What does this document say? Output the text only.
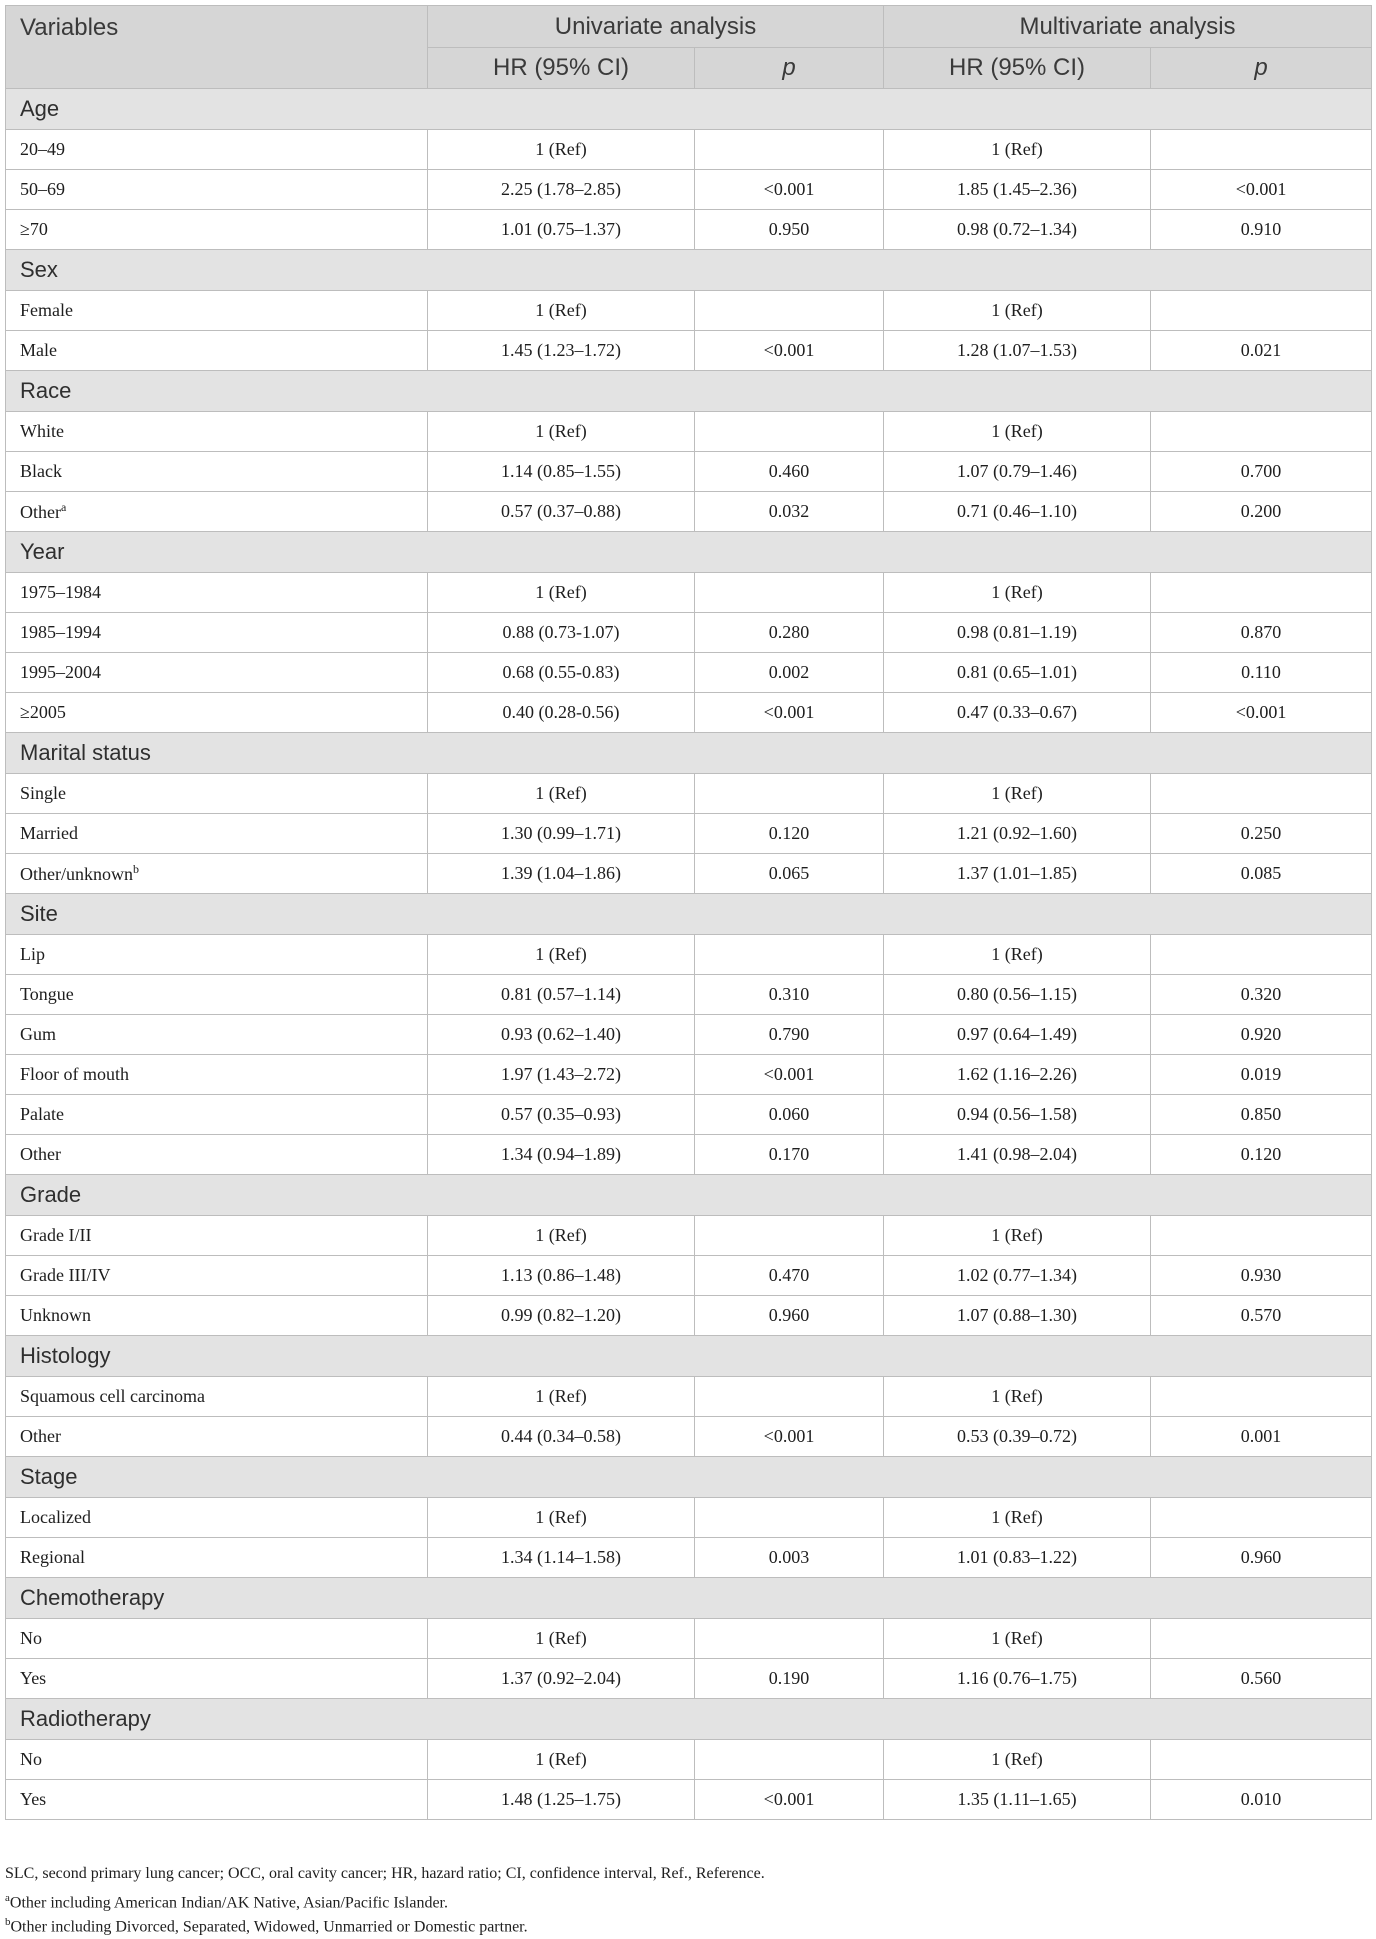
Variables	Univariate analysis		Multivariate analysis	
	HR (95% CI)	p	HR (95% CI)	p
Age				
20–49	1 (Ref)		1 (Ref)	
50–69	2.25 (1.78–2.85)	<0.001	1.85 (1.45–2.36)	<0.001
≥70	1.01 (0.75–1.37)	0.950	0.98 (0.72–1.34)	0.910
Sex				
Female	1 (Ref)		1 (Ref)	
Male	1.45 (1.23–1.72)	<0.001	1.28 (1.07–1.53)	0.021
Race				
White	1 (Ref)		1 (Ref)	
Black	1.14 (0.85–1.55)	0.460	1.07 (0.79–1.46)	0.700
Other$^a$	0.57 (0.37–0.88)	0.032	0.71 (0.46–1.10)	0.200
Year				
1975–1984	1 (Ref)		1 (Ref)	
1985–1994	0.88 (0.73-1.07)	0.280	0.98 (0.81–1.19)	0.870
1995–2004	0.68 (0.55-0.83)	0.002	0.81 (0.65–1.01)	0.110
≥2005	0.40 (0.28-0.56)	<0.001	0.47 (0.33–0.67)	<0.001
Marital status				
Single	1 (Ref)		1 (Ref)	
Married	1.30 (0.99–1.71)	0.120	1.21 (0.92–1.60)	0.250
Other/unknown$^b$	1.39 (1.04–1.86)	0.065	1.37 (1.01–1.85)	0.085
Site				
Lip	1 (Ref)		1 (Ref)	
Tongue	0.81 (0.57–1.14)	0.310	0.80 (0.56–1.15)	0.320
Gum	0.93 (0.62–1.40)	0.790	0.97 (0.64–1.49)	0.920
Floor of mouth	1.97 (1.43–2.72)	<0.001	1.62 (1.16–2.26)	0.019
Palate	0.57 (0.35–0.93)	0.060	0.94 (0.56–1.58)	0.850
Other	1.34 (0.94–1.89)	0.170	1.41 (0.98–2.04)	0.120
Grade				
Grade I/II	1 (Ref)		1 (Ref)	
Grade III/IV	1.13 (0.86–1.48)	0.470	1.02 (0.77–1.34)	0.930
Unknown	0.99 (0.82–1.20)	0.960	1.07 (0.88–1.30)	0.570
Histology				
Squamous cell carcinoma	1 (Ref)		1 (Ref)	
Other	0.44 (0.34–0.58)	<0.001	0.53 (0.39–0.72)	0.001
Stage				
Localized	1 (Ref)		1 (Ref)	
Regional	1.34 (1.14–1.58)	0.003	1.01 (0.83–1.22)	0.960
Chemotherapy				
No	1 (Ref)		1 (Ref)	
Yes	1.37 (0.92–2.04)	0.190	1.16 (0.76–1.75)	0.560
Radiotherapy				
No	1 (Ref)		1 (Ref)	
Yes	1.48 (1.25–1.75)	<0.001	1.35 (1.11–1.65)	0.010
SLC, second primary lung cancer; OCC, oral cavity cancer; HR, hazard ratio; CI, confidence interval, Ref., Reference.
$^a$Other including American Indian/AK Native, Asian/Pacific Islander.
$^b$Other including Divorced, Separated, Widowed, Unmarried or Domestic partner.
